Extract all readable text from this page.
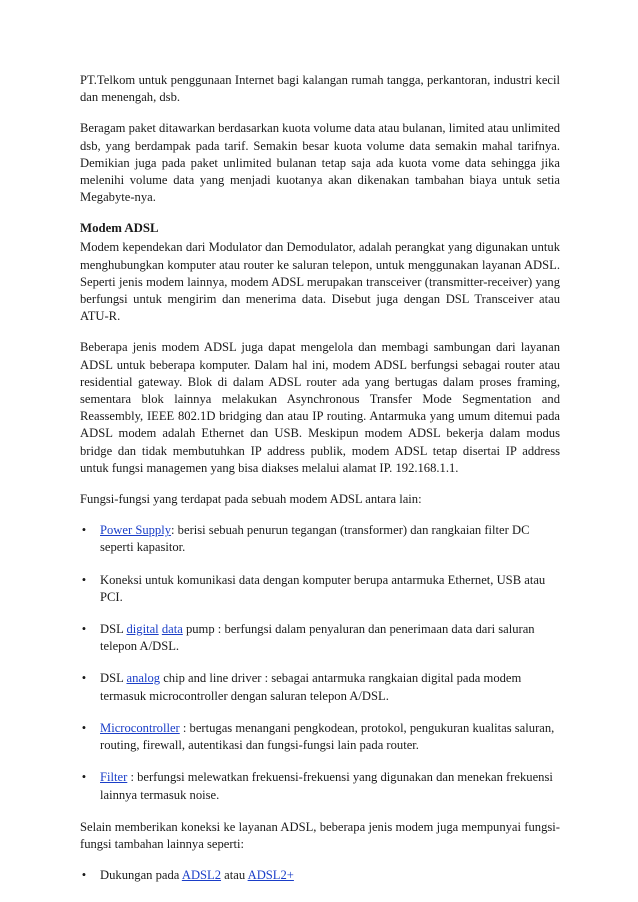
PT.Telkom untuk penggunaan Internet bagi kalangan rumah tangga, perkantoran, industri kecil dan menengah, dsb.

Beragam paket ditawarkan berdasarkan kuota volume data atau bulanan, limited atau unlimited dsb, yang berdampak pada tarif. Semakin besar kuota volume data semakin mahal tarifnya. Demikian juga pada paket unlimited bulanan tetap saja ada kuota vome data sehingga jika melenihi volume data yang menjadi kuotanya akan dikenakan tambahan biaya untuk setia Megabyte-nya.

Modem ADSL

Modem kependekan dari Modulator dan Demodulator, adalah perangkat yang digunakan untuk menghubungkan komputer atau router ke saluran telepon, untuk menggunakan layanan ADSL. Seperti jenis modem lainnya, modem ADSL merupakan transceiver (transmitter-receiver) yang berfungsi untuk mengirim dan menerima data. Disebut juga dengan DSL Transceiver atau ATU-R.

Beberapa jenis modem ADSL juga dapat mengelola dan membagi sambungan dari layanan ADSL untuk beberapa komputer. Dalam hal ini, modem ADSL berfungsi sebagai router atau residential gateway. Blok di dalam ADSL router ada yang bertugas dalam proses framing, sementara blok lainnya melakukan Asynchronous Transfer Mode Segmentation and Reassembly, IEEE 802.1D bridging dan atau IP routing. Antarmuka yang umum ditemui pada ADSL modem adalah Ethernet dan USB. Meskipun modem ADSL bekerja dalam modus bridge dan tidak membutuhkan IP address publik, modem ADSL tetap disertai IP address untuk fungsi managemen yang bisa diakses melalui alamat IP. 192.168.1.1.

Fungsi-fungsi yang terdapat pada sebuah modem ADSL antara lain:

• Power Supply: berisi sebuah penurun tegangan (transformer) dan rangkaian filter DC seperti kapasitor.
• Koneksi untuk komunikasi data dengan komputer berupa antarmuka Ethernet, USB atau PCI.
• DSL digital data pump : berfungsi dalam penyaluran dan penerimaan data dari saluran telepon A/DSL.
• DSL analog chip and line driver : sebagai antarmuka rangkaian digital pada modem termasuk microcontroller dengan saluran telepon A/DSL.
• Microcontroller : bertugas menangani pengkodean, protokol, pengukuran kualitas saluran, routing, firewall, autentikasi dan fungsi-fungsi lain pada router.
• Filter : berfungsi melewatkan frekuensi-frekuensi yang digunakan dan menekan frekuensi lainnya termasuk noise.

Selain memberikan koneksi ke layanan ADSL, beberapa jenis modem juga mempunyai fungsi-fungsi tambahan lainnya seperti:

• Dukungan pada ADSL2 atau ADSL2+
